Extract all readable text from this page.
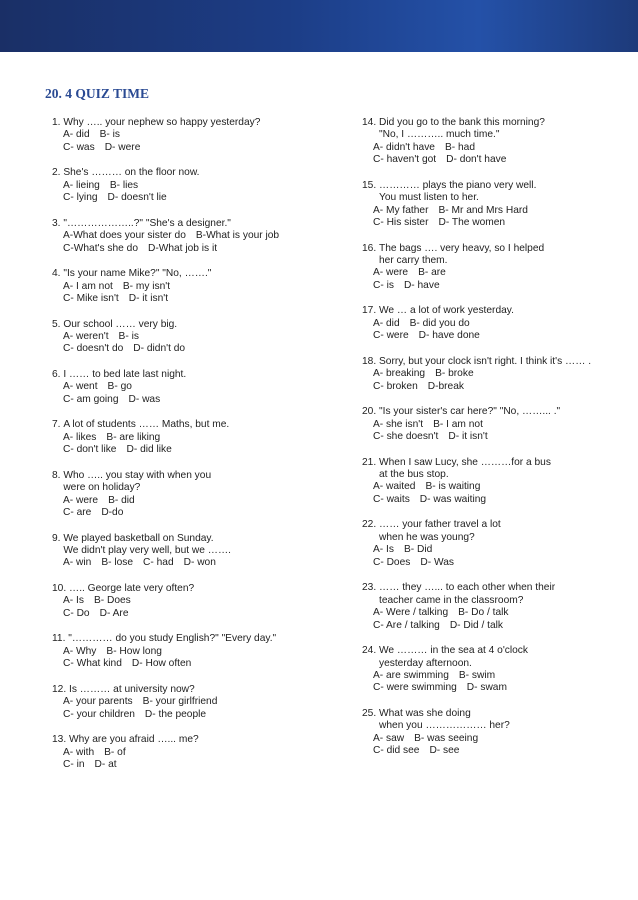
20. 4 QUIZ TIME
1. Why ….. your nephew so happy yesterday?
A- did B- is
C- was D- were
2. She's ……… on the floor now.
A- lieing B- lies
C- lying D- doesn't lie
3. "………………..?" "She's a designer."
A-What does your sister do B-What is your job
C-What's she do D-What job is it
4. "Is your name Mike?" "No, ……."
A- I am not B- my isn't
C- Mike isn't D- it isn't
5. Our school …… very big.
A- weren't B- is
C- doesn't do D- didn't do
6. I …… to bed late last night.
A- went B- go
C- am going D- was
7. A lot of students …… Maths, but me.
A- likes B- are liking
C- don't like D- did like
8. Who ….. you stay with when you
were on holiday?
A- were B- did
C- are D-do
9. We played basketball on Sunday.
We didn't play very well, but we …….
A- win B- lose C- had D- won
10. ….. George late very often?
A- Is B- Does
C- Do D- Are
11. "………… do you study English?" "Every day."
A- Why B- How long
C- What kind D- How often
12. Is ……… at university now?
A- your parents B- your girlfriend
C- your children D- the people
13. Why are you afraid …... me?
A- with B- of
C- in D- at
14. Did you go to the bank this morning?
"No, I ……….. much time."
A- didn't have B- had
C- haven't got D- don't have
15. ………… plays the piano very well.
You must listen to her.
A- My father B- Mr and Mrs Hard
C- His sister D- The women
16. The bags …. very heavy, so I helped
her carry them.
A- were B- are
C- is D- have
17. We … a lot of work yesterday.
A- did B- did you do
C- were D- have done
18. Sorry, but your clock isn't right. I think it's …… .
A- breaking B- broke
C- broken D-break
20. "Is your sister's car here?" "No, ……... ."
A- she isn't B- I am not
C- she doesn't D- it isn't
21. When I saw Lucy, she ………for a bus
at the bus stop.
A- waited B- is waiting
C- waits D- was waiting
22. …… your father travel a lot
when he was young?
A- Is B- Did
C- Does D- Was
23. …… they …... to each other when their
teacher came in the classroom?
A- Were / talking B- Do / talk
C- Are / talking D- Did / talk
24. We ……… in the sea at 4 o'clock
yesterday afternoon.
A- are swimming B- swim
C- were swimming D- swam
25. What was she doing
when you ……………… her?
A- saw B- was seeing
C- did see D- see
